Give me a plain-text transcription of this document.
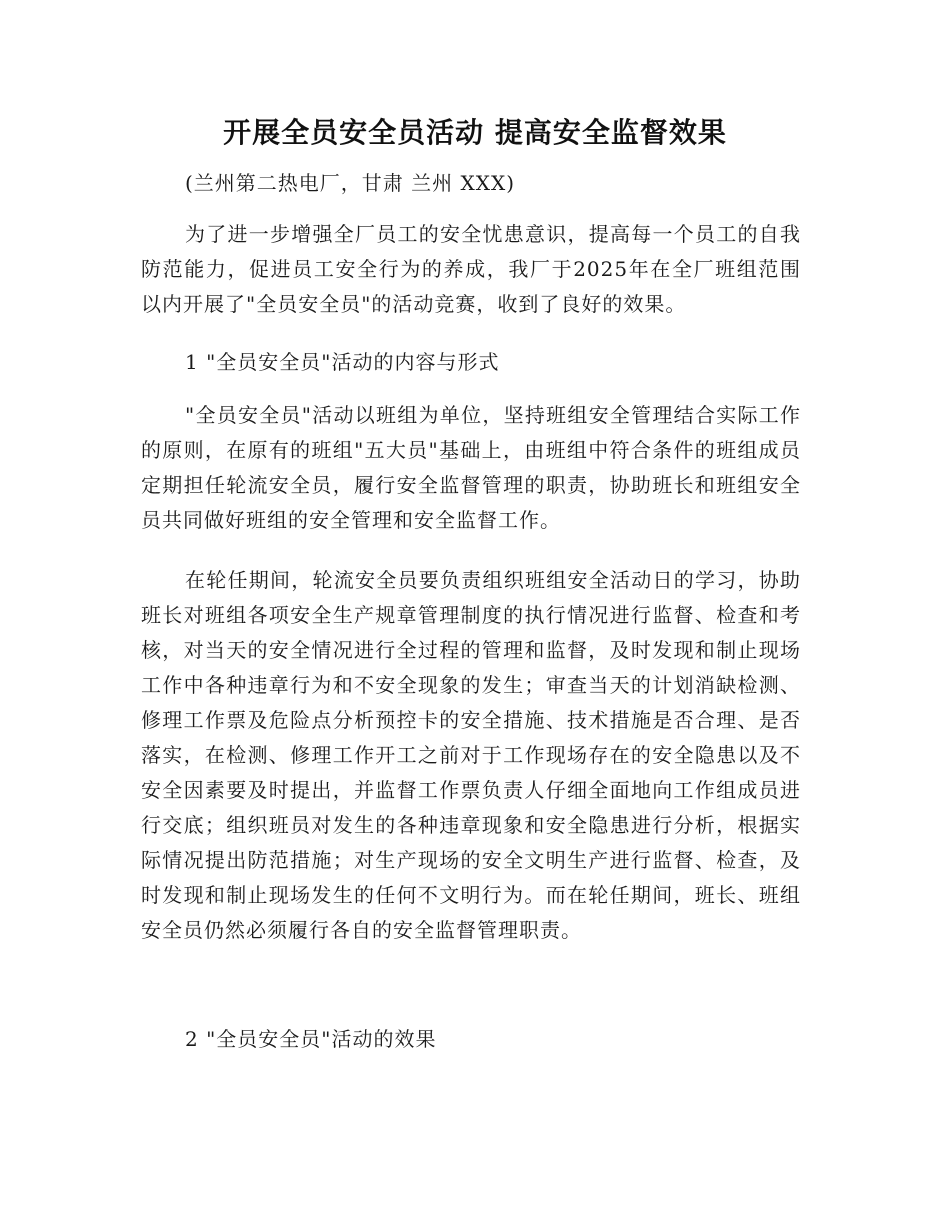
开展全员安全员活动 提高安全监督效果

(兰州第二热电厂，甘肃 兰州 XXX)

为了进一步增强全厂员工的安全忧患意识，提高每一个员工的自我防范能力，促进员工安全行为的养成，我厂于2025年在全厂班组范围以内开展了"全员安全员"的活动竞赛，收到了良好的效果。

1 "全员安全员"活动的内容与形式

"全员安全员"活动以班组为单位，坚持班组安全管理结合实际工作的原则，在原有的班组"五大员"基础上，由班组中符合条件的班组成员定期担任轮流安全员，履行安全监督管理的职责，协助班长和班组安全员共同做好班组的安全管理和安全监督工作。

在轮任期间，轮流安全员要负责组织班组安全活动日的学习，协助班长对班组各项安全生产规章管理制度的执行情况进行监督、检查和考核，对当天的安全情况进行全过程的管理和监督，及时发现和制止现场工作中各种违章行为和不安全现象的发生；审查当天的计划消缺检测、修理工作票及危险点分析预控卡的安全措施、技术措施是否合理、是否落实，在检测、修理工作开工之前对于工作现场存在的安全隐患以及不安全因素要及时提出，并监督工作票负责人仔细全面地向工作组成员进行交底；组织班员对发生的各种违章现象和安全隐患进行分析，根据实际情况提出防范措施；对生产现场的安全文明生产进行监督、检查，及时发现和制止现场发生的任何不文明行为。而在轮任期间，班长、班组安全员仍然必须履行各自的安全监督管理职责。

2 "全员安全员"活动的效果
